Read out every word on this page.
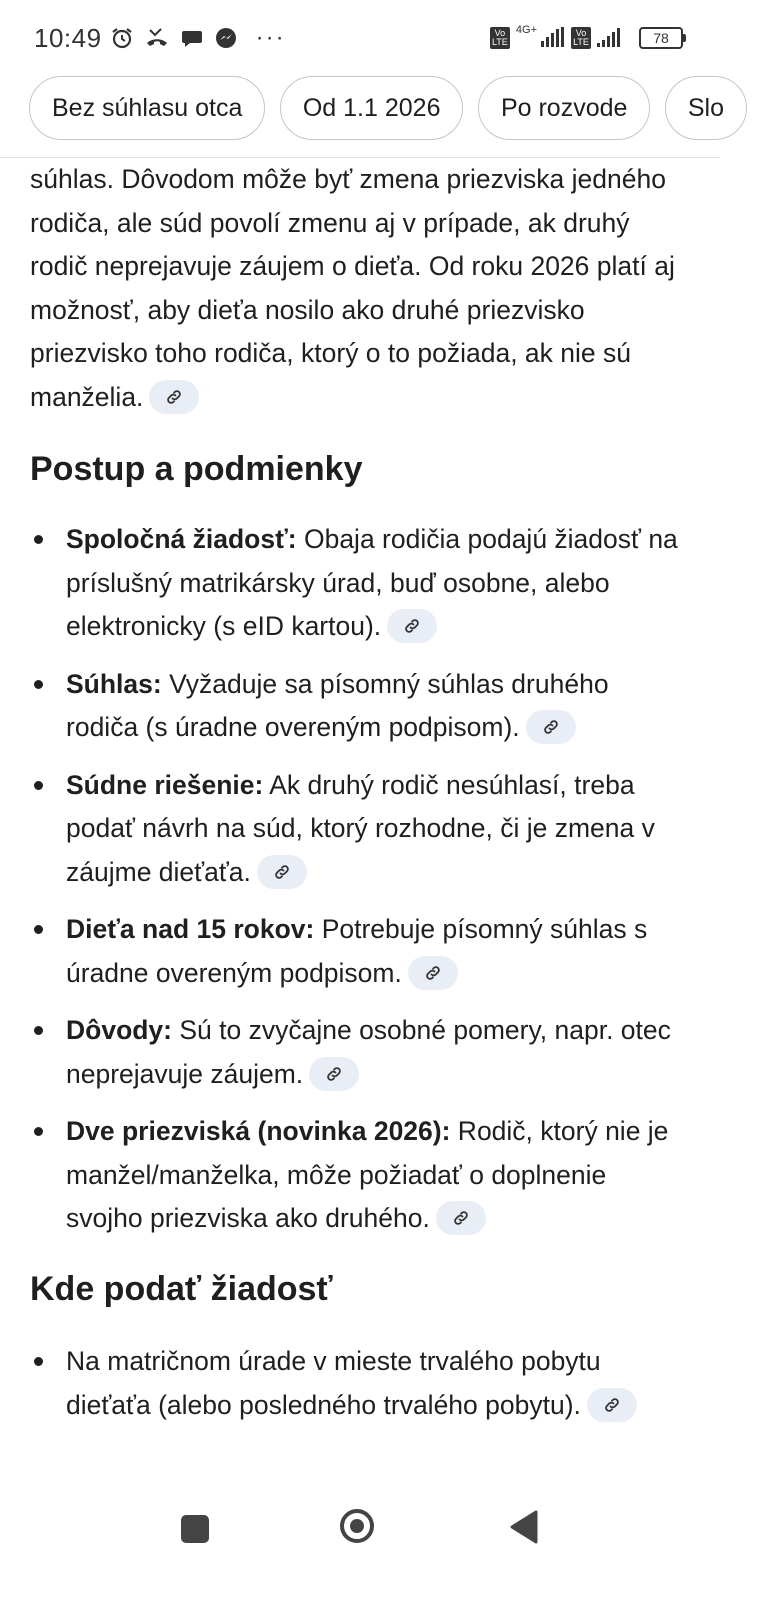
10:49	···	Vo LTE
4G+	Vo LTE	78
Bez súhlasu otca Od 1.1 2026 Po rozvode Slo

súhlas. Dôvodom môže byť zmena priezviska jedného rodiča, ale súd povolí zmenu aj v prípade, ak druhý rodič neprejavuje záujem o dieťa. Od roku 2026 platí aj možnosť, aby dieťa nosilo ako druhé priezvisko priezvisko toho rodiča, ktorý o to požiada, ak nie sú manželia.

Postup a podmienky
Spoločná žiadosť: Obaja rodičia podajú žiadosť na príslušný matrikársky úrad, buď osobne, alebo elektronicky (s eID kartou).
Súhlas: Vyžaduje sa písomný súhlas druhého rodiča (s úradne overeným podpisom).
Súdne riešenie: Ak druhý rodič nesúhlasí, treba podať návrh na súd, ktorý rozhodne, či je zmena v záujme dieťaťa.
Dieťa nad 15 rokov: Potrebuje písomný súhlas s úradne overeným podpisom.
Dôvody: Sú to zvyčajne osobné pomery, napr. otec neprejavuje záujem.
Dve priezviská (novinka 2026): Rodič, ktorý nie je manžel/manželka, môže požiadať o doplnenie svojho priezviska ako druhého.
Kde podať žiadosť
Na matričnom úrade v mieste trvalého pobytu dieťaťa (alebo posledného trvalého pobytu).
